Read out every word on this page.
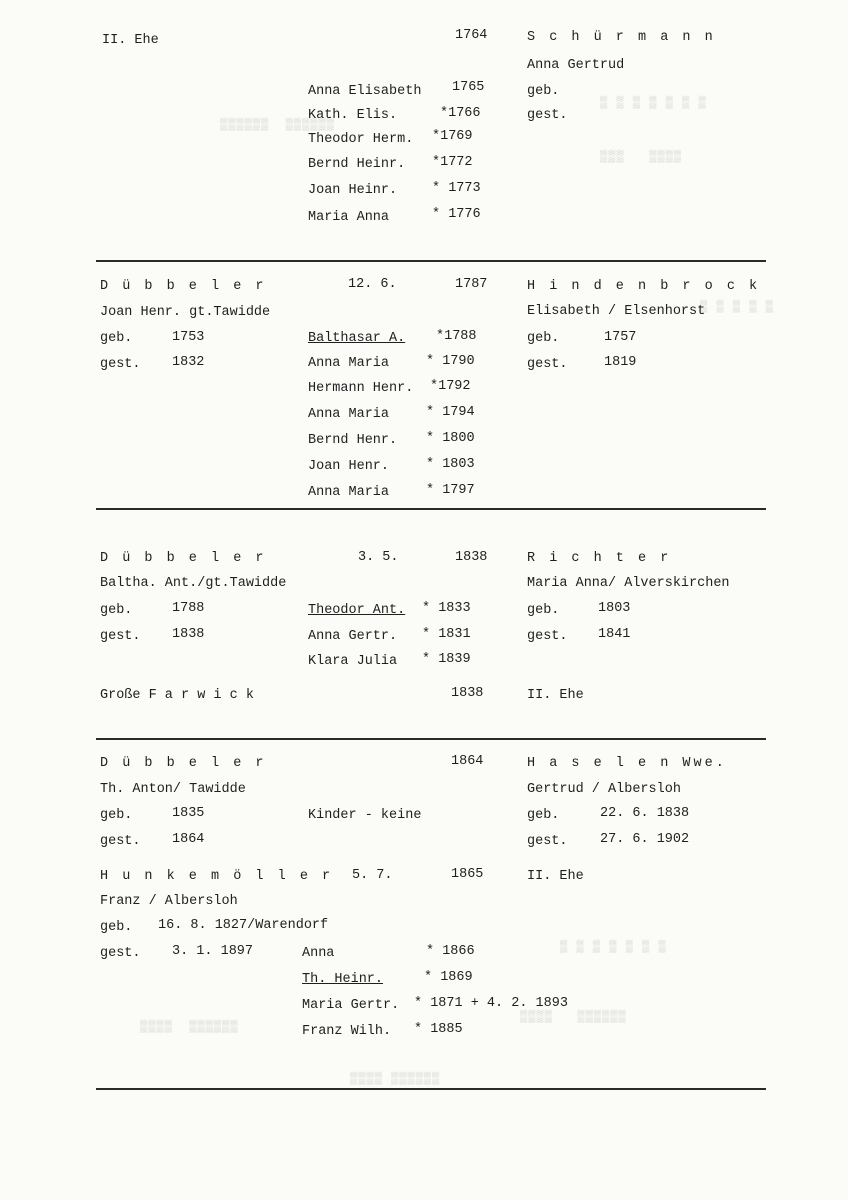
▒▒▒▒▒▒  ▒▒▒▒▒▒
▒ ▒ ▒ ▒ ▒ ▒ ▒
▒▒▒   ▒▒▒▒
▒ ▒ ▒ ▒ ▒
▒ ▒ ▒ ▒ ▒ ▒ ▒
▒▒▒▒   ▒▒▒▒▒▒
▒▒▒▒  ▒▒▒▒▒▒
▒▒▒▒ ▒▒▒▒▒▒
II. Ehe	1764	S c h ü r m a n n
Anna Gertrud
geb.
gest.
Anna Elisabeth 1765
Kath. Elis.	*1766
Theodor Herm. *1769
Bernd Heinr. *1772
Joan Heinr.	* 1773
Maria Anna	* 1776
D ü b b e l e r	12. 6.	1787	H i n d e n b r o c k
Joan Henr. gt.Tawidde	Elisabeth / Elsenhorst
geb.	1753
gest. 1832
geb.	1757
gest.	1819
Balthasar A. *1788
Anna Maria	* 1790
Hermann Henr. *1792
Anna Maria	* 1794
Bernd Henr. * 1800
Joan Henr.	* 1803
Anna Maria	* 1797
D ü b b e l e r	3. 5.	1838	R i c h t e r
Baltha. Ant./gt.Tawidde	Maria Anna/ Alverskirchen
geb.	1788
gest. 1838
geb.	1803
gest. 1841
Theodor Ant. * 1833
Anna Gertr. * 1831
Klara Julia * 1839
Große F a r w i c k	1838	II. Ehe
D ü b b e l e r	1864	H a s e l e n Wwe.
Th. Anton/ Tawidde	Gertrud / Albersloh
geb.	1835	Kinder - keine	geb.	22. 6. 1838
gest. 1864	gest. 27. 6. 1902
H u n k e m ö l l e r 5. 7.	1865	II. Ehe
Franz / Albersloh
geb. 16. 8. 1827/Warendorf
gest. 3. 1. 1897	Anna	* 1866
Th. Heinr.	* 1869
Maria Gertr. * 1871 + 4. 2. 1893
Franz Wilh. * 1885
